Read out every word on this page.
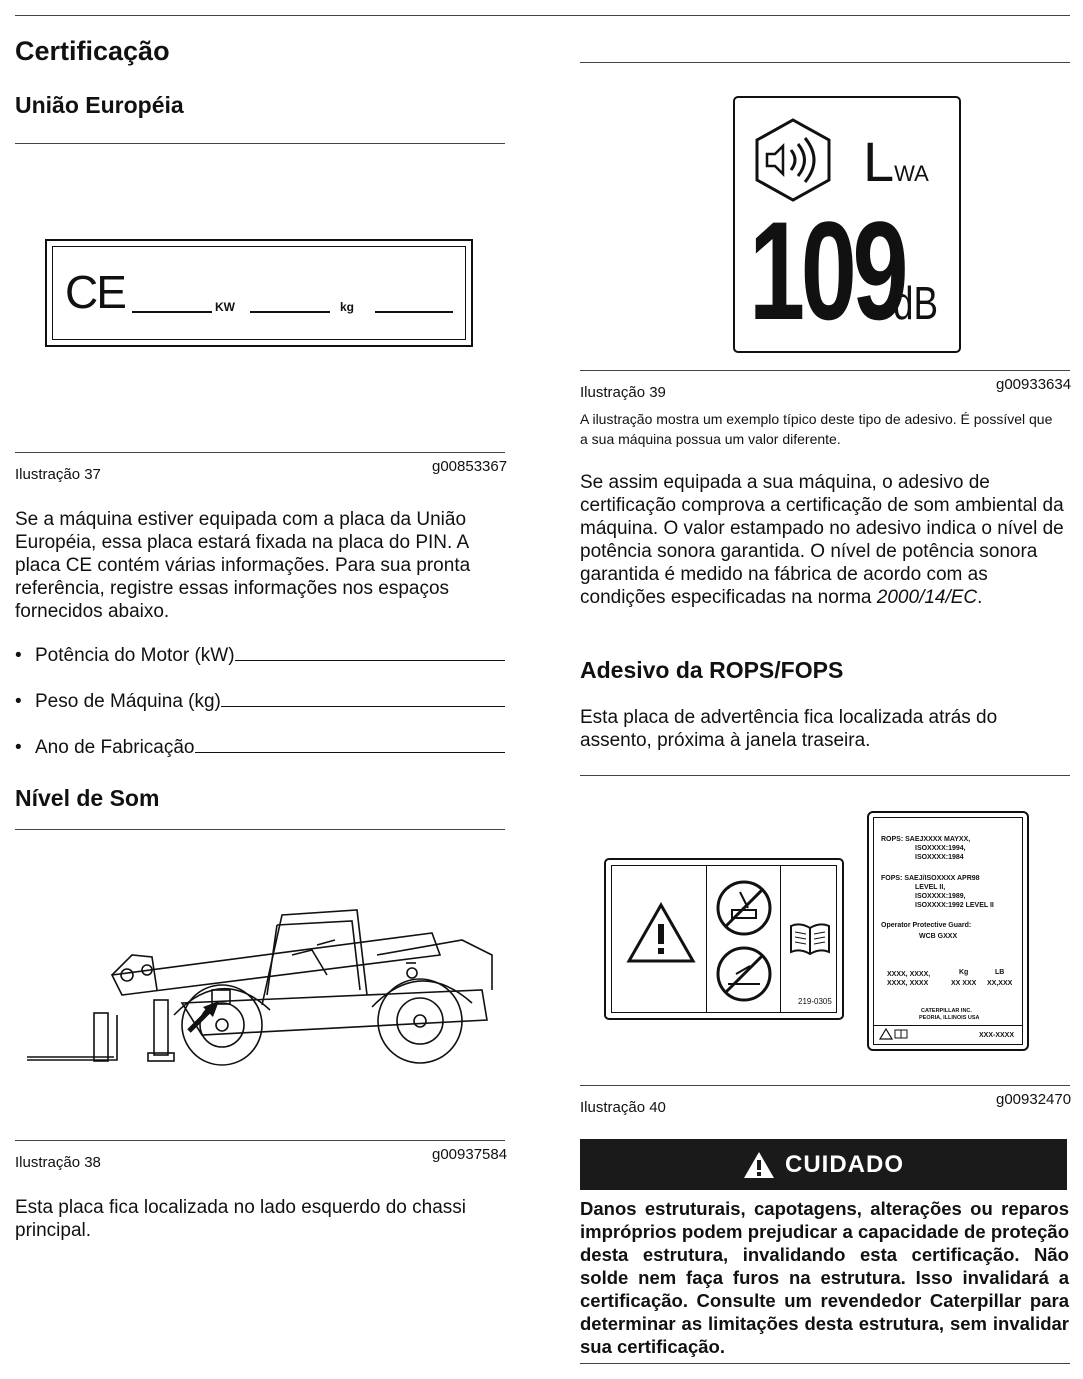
Certificação
União Européia
CE	KW	kg
Ilustração 37	g00853367
Se a máquina estiver equipada com a placa da União Européia, essa placa estará fixada na placa do PIN. A placa CE contém várias informações. Para sua pronta referência, registre essas informações nos espaços fornecidos abaixo.
• Potência do Motor (kW)
• Peso de Máquina (kg)
• Ano de Fabricação
Nível de Som
Ilustração 38	g00937584
Esta placa fica localizada no lado esquerdo do chassi principal.
LWA
109
dB
Ilustração 39	g00933634
A ilustração mostra um exemplo típico deste tipo de adesivo. É possível que a sua máquina possua um valor diferente.
Se assim equipada a sua máquina, o adesivo de certificação comprova a certificação de som ambiental da máquina. O valor estampado no adesivo indica o nível de potência sonora garantida. O nível de potência sonora garantida é medido na fábrica de acordo com as condições especificadas na norma 2000/14/EC.
Adesivo da ROPS/FOPS
Esta placa de advertência fica localizada atrás do assento, próxima à janela traseira.
219-0305
ROPS: SAEJXXXX MAYXX,
ISOXXXX:1994,
ISOXXXX:1984
FOPS: SAEJ/ISOXXXX APR98
LEVEL II,
ISOXXXX:1989,
ISOXXXX:1992 LEVEL II
Operator Protective Guard:
WCB GXXX
Kg	LB
XXXX, XXXX,
XXXX, XXXX	XX XXX XX,XXX
CATERPILLAR INC.
PEORIA, ILLINOIS USA
XXX-XXXX
Ilustração 40	g00932470
CUIDADO
Danos estruturais, capotagens, alterações ou reparos impróprios podem prejudicar a capacidade de proteção desta estrutura, invalidando esta certificação. Não solde nem faça furos na estrutura. Isso invalidará a certificação. Consulte um revendedor Caterpillar para determinar as limitações desta estrutura, sem invalidar sua certificação.
